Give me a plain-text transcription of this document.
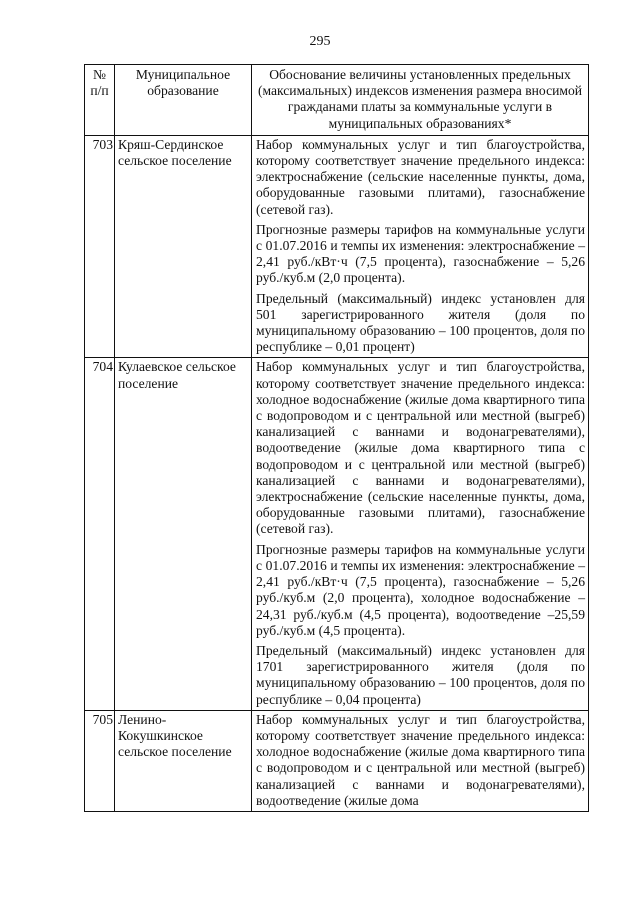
295
№ п/п	Муниципальное образование	Обоснование величины установленных предельных (максимальных) индексов изменения размера вносимой гражданами платы за коммунальные услуги в муниципальных образованиях*
703	Кряш-Сердинское сельское поселение	Набор коммунальных услуг и тип благоустройства, которому соответствует значение предельного индекса: электроснабжение (сельские населенные пункты, дома, оборудованные газовыми плитами), газоснабжение (сетевой газ).

Прогнозные размеры тарифов на коммунальные услуги с 01.07.2016 и темпы их изменения: электроснабжение – 2,41 руб./кВт·ч (7,5 процента), газоснабжение – 5,26 руб./куб.м (2,0 процента).

Предельный (максимальный) индекс установлен для 501 зарегистрированного жителя (доля по муниципальному образованию – 100 процентов, доля по республике – 0,01 процент)

704	Кулаевское сельское поселение	Набор коммунальных услуг и тип благоустройства, которому соответствует значение предельного индекса: холодное водоснабжение (жилые дома квартирного типа с водопроводом и с центральной или местной (выгреб) канализацией с ваннами и водонагревателями), водоотведение (жилые дома квартирного типа с водопроводом и с центральной или местной (выгреб) канализацией с ваннами и водонагревателями), электроснабжение (сельские населенные пункты, дома, оборудованные газовыми плитами), газоснабжение (сетевой газ).

Прогнозные размеры тарифов на коммунальные услуги с 01.07.2016 и темпы их изменения: электроснабжение – 2,41 руб./кВт·ч (7,5 процента), газоснабжение – 5,26 руб./куб.м (2,0 процента), холодное водоснабжение – 24,31 руб./куб.м (4,5 процента), водоотведение –25,59 руб./куб.м (4,5 процента).

Предельный (максимальный) индекс установлен для 1701 зарегистрированного жителя (доля по муниципальному образованию – 100 процентов, доля по республике – 0,04 процента)

705	Ленино-Кокушкинское сельское поселение	Набор коммунальных услуг и тип благоустройства, которому соответствует значение предельного индекса: холодное водоснабжение (жилые дома квартирного типа с водопроводом и с центральной или местной (выгреб) канализацией с ваннами и водонагревателями), водоотведение (жилые дома
